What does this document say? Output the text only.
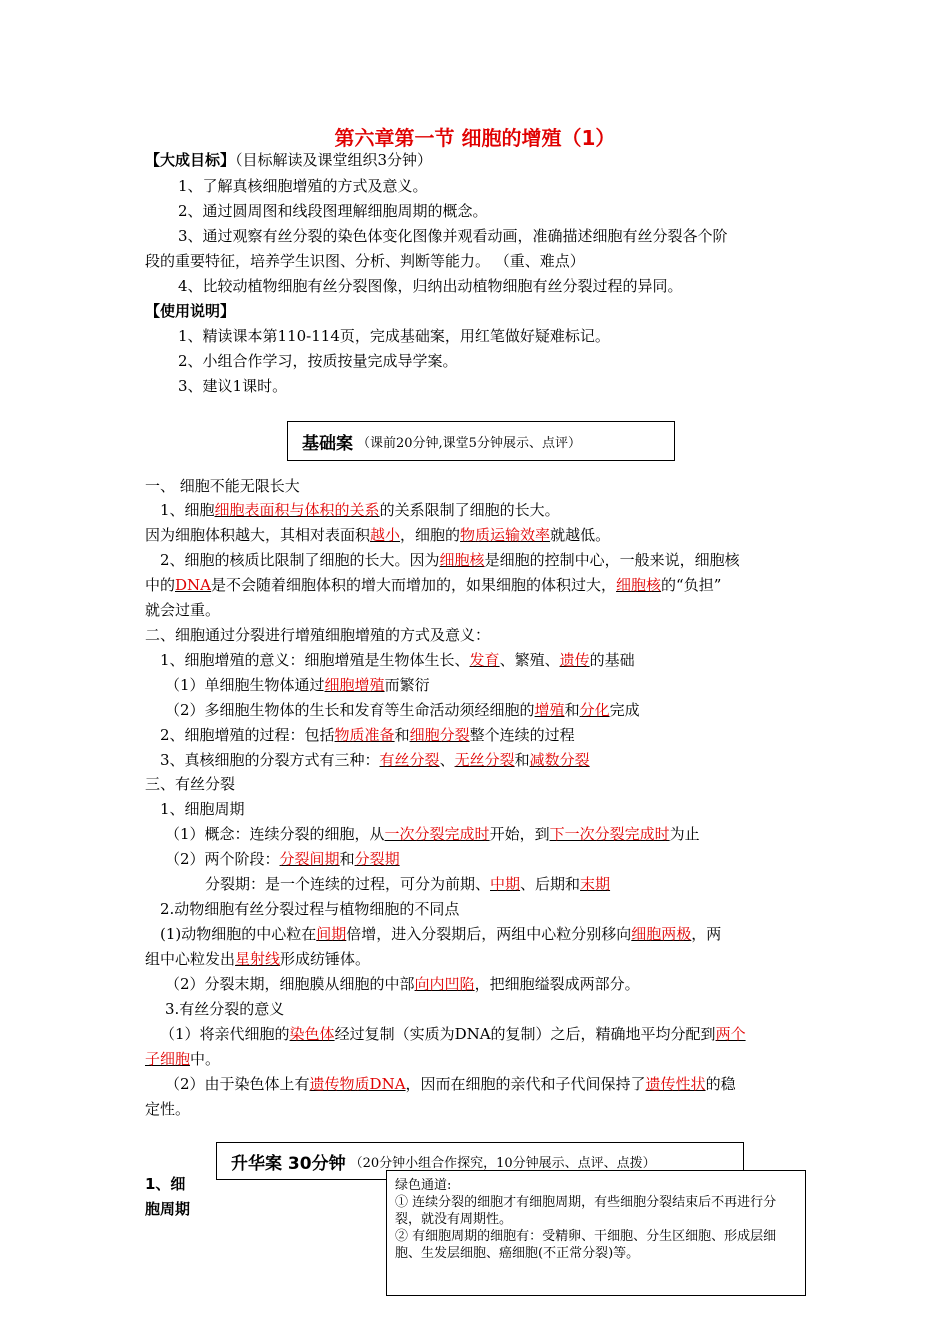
第六章第一节 细胞的增殖（1）
【大成目标】（目标解读及课堂组织3分钟）
1、了解真核细胞增殖的方式及意义。
2、通过圆周图和线段图理解细胞周期的概念。
3、通过观察有丝分裂的染色体变化图像并观看动画，准确描述细胞有丝分裂各个阶
段的重要特征，培养学生识图、分析、判断等能力。 （重、难点）
4、比较动植物细胞有丝分裂图像，归纳出动植物细胞有丝分裂过程的异同。
【使用说明】
1、精读课本第110-114页，完成基础案，用红笔做好疑难标记。
2、小组合作学习，按质按量完成导学案。
3、建议1课时。
基础案 （课前20分钟,课堂5分钟展示、点评）
一、 细胞不能无限长大
1、细胞细胞表面积与体积的关系的关系限制了细胞的长大。
因为细胞体积越大，其相对表面积越小，细胞的物质运输效率就越低。
2、细胞的核质比限制了细胞的长大。因为细胞核是细胞的控制中心，一般来说，细胞核
中的DNA是不会随着细胞体积的增大而增加的，如果细胞的体积过大，细胞核的“负担”
就会过重。
二、细胞通过分裂进行增殖细胞增殖的方式及意义：
1、细胞增殖的意义：细胞增殖是生物体生长、发育、繁殖、遗传的基础
（1）单细胞生物体通过细胞增殖而繁衍
（2）多细胞生物体的生长和发育等生命活动须经细胞的增殖和分化完成
2、细胞增殖的过程：包括物质准备和细胞分裂整个连续的过程
3、真核细胞的分裂方式有三种：有丝分裂、无丝分裂和减数分裂
三、有丝分裂
1、细胞周期
（1）概念：连续分裂的细胞，从一次分裂完成时开始，到下一次分裂完成时为止
（2）两个阶段：分裂间期和分裂期
分裂期：是一个连续的过程，可分为前期、中期、后期和末期
2.动物细胞有丝分裂过程与植物细胞的不同点
(1)动物细胞的中心粒在间期倍增，进入分裂期后，两组中心粒分别移向细胞两极，两
组中心粒发出星射线形成纺锤体。
（2）分裂末期，细胞膜从细胞的中部向内凹陷，把细胞缢裂成两部分。
3.有丝分裂的意义
（1）将亲代细胞的染色体经过复制（实质为DNA的复制）之后，精确地平均分配到两个
子细胞中。
（2）由于染色体上有遗传物质DNA，因而在细胞的亲代和子代间保持了遗传性状的稳
定性。
升华案 30分钟 （20分钟小组合作探究，10分钟展示、点评、点拨）
1、细
胞周期
绿色通道:
① 连续分裂的细胞才有细胞周期，有些细胞分裂结束后不再进行分裂，就没有周期性。
② 有细胞周期的细胞有：受精卵、干细胞、分生区细胞、形成层细胞、生发层细胞、癌细胞(不正常分裂)等。
